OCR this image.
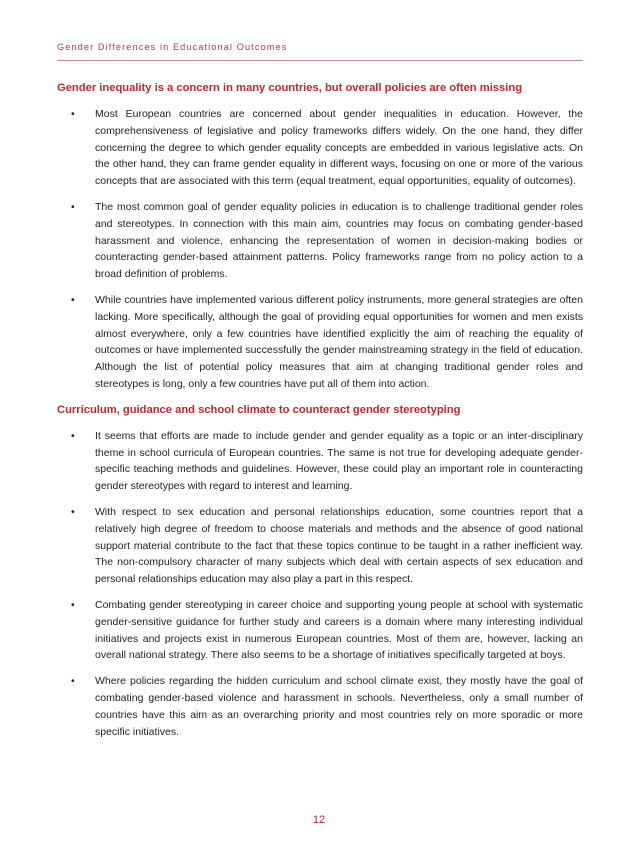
Gender Differences in Educational Outcomes
Gender inequality is a concern in many countries, but overall policies are often missing
• Most European countries are concerned about gender inequalities in education. However, the comprehensiveness of legislative and policy frameworks differs widely. On the one hand, they differ concerning the degree to which gender equality concepts are embedded in various legislative acts. On the other hand, they can frame gender equality in different ways, focusing on one or more of the various concepts that are associated with this term (equal treatment, equal opportunities, equality of outcomes).
• The most common goal of gender equality policies in education is to challenge traditional gender roles and stereotypes. In connection with this main aim, countries may focus on combating gender-based harassment and violence, enhancing the representation of women in decision-making bodies or counteracting gender-based attainment patterns. Policy frameworks range from no policy action to a broad definition of problems.
• While countries have implemented various different policy instruments, more general strategies are often lacking. More specifically, although the goal of providing equal opportunities for women and men exists almost everywhere, only a few countries have identified explicitly the aim of reaching the equality of outcomes or have implemented successfully the gender mainstreaming strategy in the field of education. Although the list of potential policy measures that aim at changing traditional gender roles and stereotypes is long, only a few countries have put all of them into action.
Curriculum, guidance and school climate to counteract gender stereotyping
• It seems that efforts are made to include gender and gender equality as a topic or an inter-disciplinary theme in school curricula of European countries. The same is not true for developing adequate gender-specific teaching methods and guidelines. However, these could play an important role in counteracting gender stereotypes with regard to interest and learning.
• With respect to sex education and personal relationships education, some countries report that a relatively high degree of freedom to choose materials and methods and the absence of good national support material contribute to the fact that these topics continue to be taught in a rather inefficient way. The non-compulsory character of many subjects which deal with certain aspects of sex education and personal relationships education may also play a part in this respect.
• Combating gender stereotyping in career choice and supporting young people at school with systematic gender-sensitive guidance for further study and careers is a domain where many interesting individual initiatives and projects exist in numerous European countries. Most of them are, however, lacking an overall national strategy. There also seems to be a shortage of initiatives specifically targeted at boys.
• Where policies regarding the hidden curriculum and school climate exist, they mostly have the goal of combating gender-based violence and harassment in schools. Nevertheless, only a small number of countries have this aim as an overarching priority and most countries rely on more sporadic or more specific initiatives.
12
